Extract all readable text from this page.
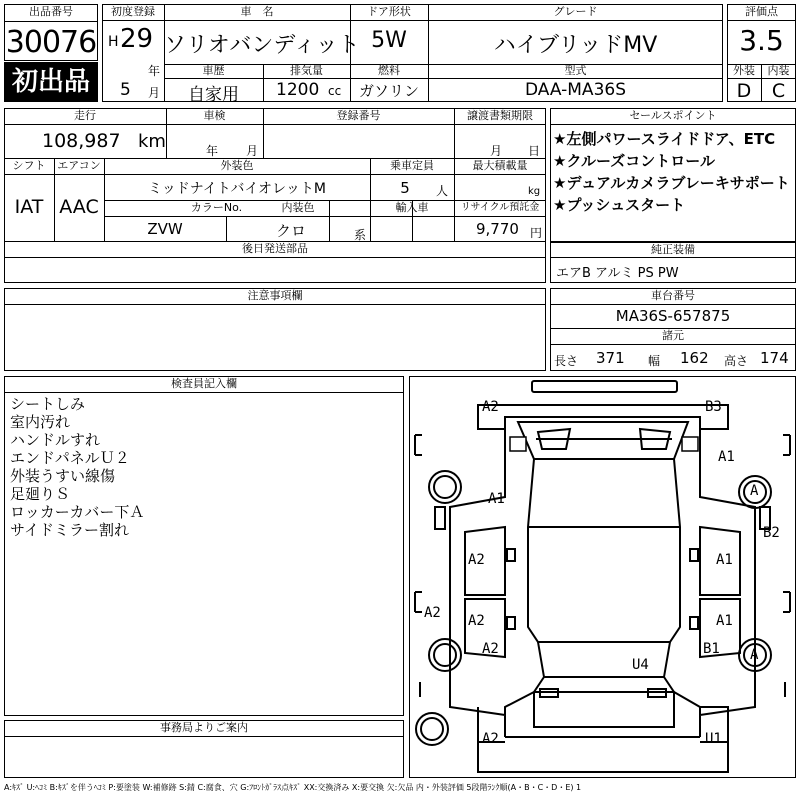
出品番号
30076
初出品
初度登録
H 29
年
5 月
車　名
ソリオバンディット
ドア形状
5W
グレード
ハイブリッドMV
車歴
自家用
排気量
1200 cc
燃料
ガソリン
型式
DAA-MA36S
評価点
3.5
外装	内装
D	C
走行
108,987 km
車検
年 月
登録番号	譲渡書類期限
月 日
シフト
IAT
エアコン
AAC
外装色
ミッドナイトバイオレットM
乗車定員
5	人
最大積載量
kg
カラーNo.
ZVW
内装色
クロ	系
輸入車	リサイクル預託金
9,770 円
後日発送部品
セールスポイント
★左側パワースライドドア、ETC
★クルーズコントロール
★デュアルカメラブレーキサポート
★プッシュスタート
純正装備
エアB アルミ PS PW
注意事項欄	車台番号
MA36S-657875
諸元
長さ 371 幅 162 高さ 174
検査員記入欄
シートしみ
室内汚れ
ハンドルすれ
エンドパネルＵ２
外装うすい線傷
足廻りＳ
ロッカーカバー下Ａ
サイドミラー割れ
事務局よりご案内
A2	B3
A1
A
A1
B2
A2	A1
A2 A2	A1
A2	B1 A
U4
A2	U1
A:ｷｽﾞ U:ﾍｺﾐ B:ｷｽﾞを伴うﾍｺﾐ P:要塗装 W:補修跡 S:錆 C:腐食、穴 G:ﾌﾛﾝﾄｶﾞﾗｽ点ｷｽﾞ XX:交換済み X:要交換 欠:欠品 内・外装評価 5段階ﾗﾝｸ順(A・B・C・D・E) 1
